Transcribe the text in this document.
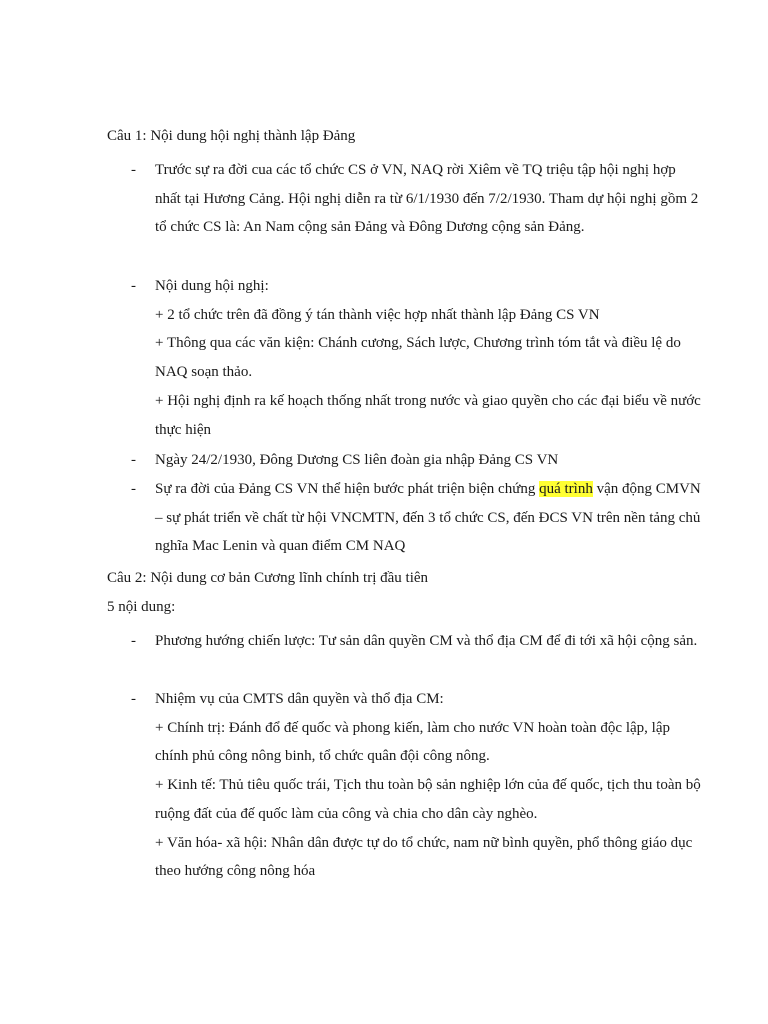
Câu 1: Nội dung hội nghị thành lập Đảng
- Trước sự ra đời cua các tổ chức CS ở VN, NAQ rời Xiêm về TQ triệu tập hội nghị hợp nhất tại Hương Cảng. Hội nghị diễn ra từ 6/1/1930 đến 7/2/1930. Tham dự hội nghị gồm 2 tổ chức CS là: An Nam cộng sản Đảng và Đông Dương cộng sản Đảng.

- Nội dung hội nghị:

+ 2 tổ chức trên đã đồng ý tán thành việc hợp nhất thành lập Đảng CS VN

+ Thông qua các văn kiện: Chánh cương, Sách lược, Chương trình tóm tắt và điều lệ do NAQ soạn thảo.

+ Hội nghị định ra kế hoạch thống nhất trong nước và giao quyền cho các đại biểu về nước thực hiện

- Ngày 24/2/1930, Đông Dương CS liên đoàn gia nhập Đảng CS VN

- Sự ra đời của Đảng CS VN thể hiện bước phát triện biện chứng quá trình vận động CMVN – sự phát triển về chất từ hội VNCMTN, đến 3 tổ chức CS, đến ĐCS VN trên nền tảng chủ nghĩa Mac Lenin và quan điểm CM NAQ

Câu 2: Nội dung cơ bản Cương lĩnh chính trị đầu tiên
5 nội dung:
- Phương hướng chiến lược: Tư sản dân quyền CM và thổ địa CM để đi tới xã hội cộng sản.

- Nhiệm vụ của CMTS dân quyền và thổ địa CM:

+ Chính trị: Đánh đổ đế quốc và phong kiến, làm cho nước VN hoàn toàn độc lập, lập chính phủ công nông binh, tổ chức quân đội công nông.

+ Kinh tế: Thủ tiêu quốc trái, Tịch thu toàn bộ sản nghiệp lớn của đế quốc, tịch thu toàn bộ ruộng đất của đế quốc làm của công và chia cho dân cày nghèo.

+ Văn hóa- xã hội: Nhân dân được tự do tổ chức, nam nữ bình quyền, phổ thông giáo dục theo hướng công nông hóa
